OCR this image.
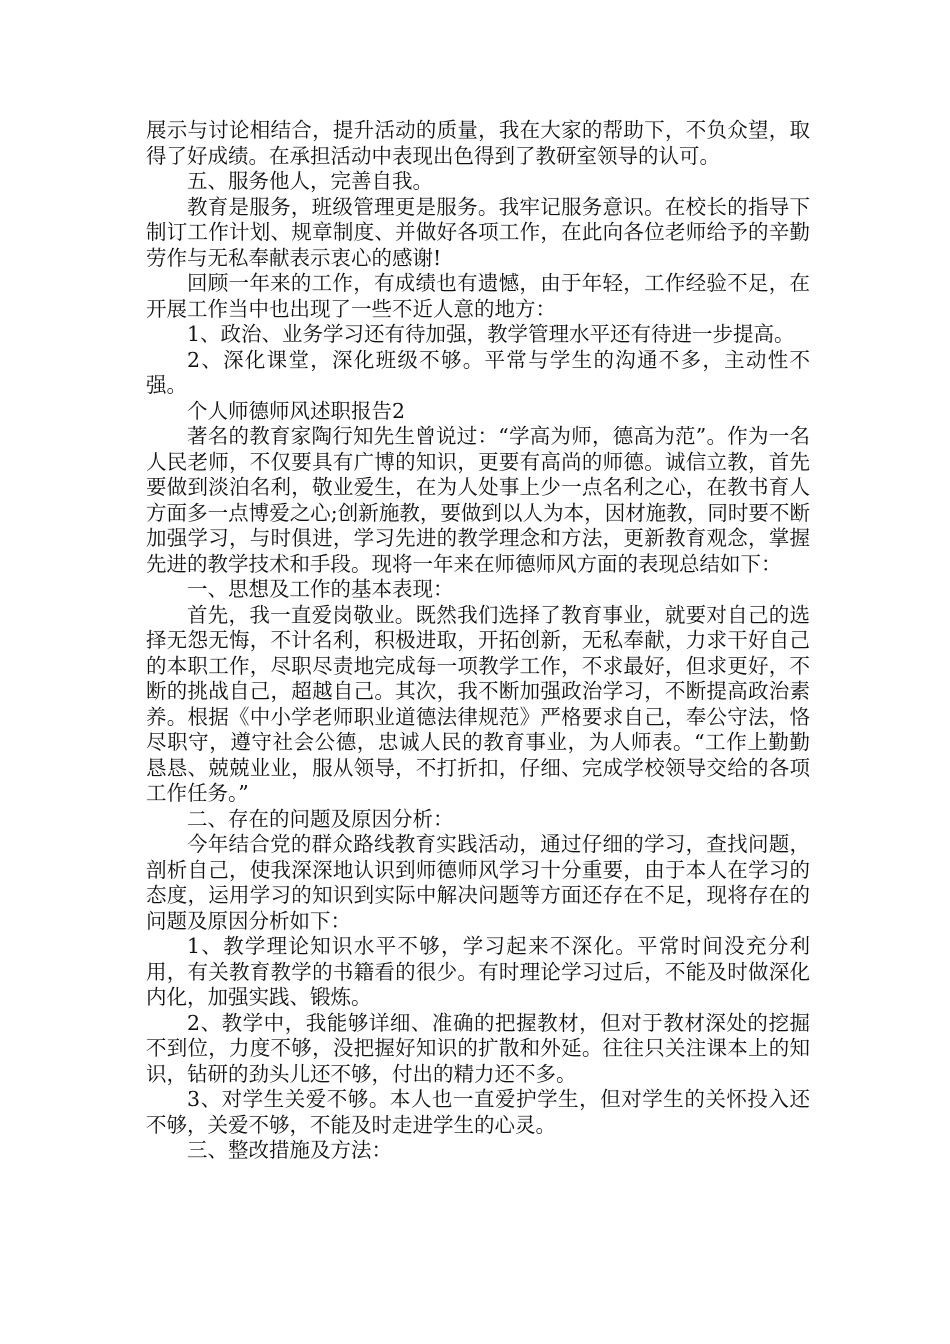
展示与讨论相结合，提升活动的质量，我在大家的帮助下，不负众望，取得了好成绩。在承担活动中表现出色得到了教研室领导的认可。

五、服务他人，完善自我。

教育是服务，班级管理更是服务。我牢记服务意识。在校长的指导下制订工作计划、规章制度、并做好各项工作，在此向各位老师给予的辛勤劳作与无私奉献表示衷心的感谢!

回顾一年来的工作，有成绩也有遗憾，由于年轻，工作经验不足，在开展工作当中也出现了一些不近人意的地方：

1、政治、业务学习还有待加强，教学管理水平还有待进一步提高。

2、深化课堂，深化班级不够。平常与学生的沟通不多，主动性不强。

个人师德师风述职报告2

著名的教育家陶行知先生曾说过：“学高为师，德高为范”。作为一名人民老师，不仅要具有广博的知识，更要有高尚的师德。诚信立教，首先要做到淡泊名利，敬业爱生，在为人处事上少一点名利之心，在教书育人方面多一点博爱之心;创新施教，要做到以人为本，因材施教，同时要不断加强学习，与时俱进，学习先进的教学理念和方法，更新教育观念，掌握先进的教学技术和手段。现将一年来在师德师风方面的表现总结如下：

一、思想及工作的基本表现：

首先，我一直爱岗敬业。既然我们选择了教育事业，就要对自己的选择无怨无悔，不计名利，积极进取，开拓创新，无私奉献，力求干好自己的本职工作，尽职尽责地完成每一项教学工作，不求最好，但求更好，不断的挑战自己，超越自己。其次，我不断加强政治学习，不断提高政治素养。根据《中小学老师职业道德法律规范》严格要求自己，奉公守法，恪尽职守，遵守社会公德，忠诚人民的教育事业，为人师表。“工作上勤勤恳恳、兢兢业业，服从领导，不打折扣，仔细、完成学校领导交给的各项工作任务。”

二、存在的问题及原因分析：

今年结合党的群众路线教育实践活动，通过仔细的学习，查找问题，剖析自己，使我深深地认识到师德师风学习十分重要，由于本人在学习的态度，运用学习的知识到实际中解决问题等方面还存在不足，现将存在的问题及原因分析如下：

1、教学理论知识水平不够，学习起来不深化。平常时间没充分利用，有关教育教学的书籍看的很少。有时理论学习过后，不能及时做深化内化，加强实践、锻炼。

2、教学中，我能够详细、准确的把握教材，但对于教材深处的挖掘不到位，力度不够，没把握好知识的扩散和外延。往往只关注课本上的知识，钻研的劲头儿还不够，付出的精力还不多。

3、对学生关爱不够。本人也一直爱护学生，但对学生的关怀投入还不够，关爱不够，不能及时走进学生的心灵。

三、整改措施及方法：
